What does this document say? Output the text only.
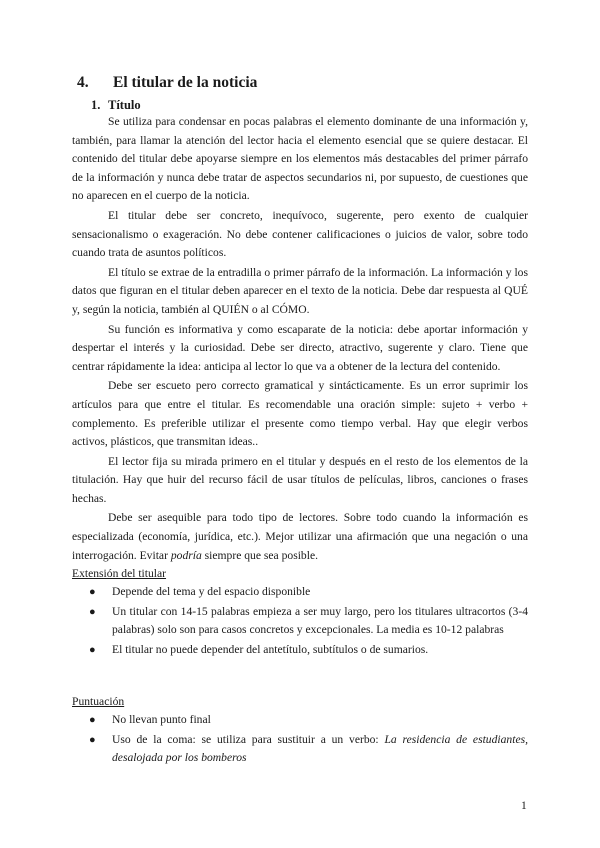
4. El titular de la noticia
1. Título

Se utiliza para condensar en pocas palabras el elemento dominante de una información y, también, para llamar la atención del lector hacia el elemento esencial que se quiere destacar. El contenido del titular debe apoyarse siempre en los elementos más destacables del primer párrafo de la información y nunca debe tratar de aspectos secundarios ni, por supuesto, de cuestiones que no aparecen en el cuerpo de la noticia.

El titular debe ser concreto, inequívoco, sugerente, pero exento de cualquier sensacionalismo o exageración. No debe contener calificaciones o juicios de valor, sobre todo cuando trata de asuntos políticos.

El título se extrae de la entradilla o primer párrafo de la información. La información y los datos que figuran en el titular deben aparecer en el texto de la noticia. Debe dar respuesta al QUÉ y, según la noticia, también al QUIÉN o al CÓMO.

Su función es informativa y como escaparate de la noticia: debe aportar información y despertar el interés y la curiosidad. Debe ser directo, atractivo, sugerente y claro. Tiene que centrar rápidamente la idea: anticipa al lector lo que va a obtener de la lectura del contenido.

Debe ser escueto pero correcto gramatical y sintácticamente. Es un error suprimir los artículos para que entre el titular. Es recomendable una oración simple: sujeto + verbo + complemento. Es preferible utilizar el presente como tiempo verbal. Hay que elegir verbos activos, plásticos, que transmitan ideas..

El lector fija su mirada primero en el titular y después en el resto de los elementos de la titulación. Hay que huir del recurso fácil de usar títulos de películas, libros, canciones o frases hechas.

Debe ser asequible para todo tipo de lectores. Sobre todo cuando la información es especializada (economía, jurídica, etc.). Mejor utilizar una afirmación que una negación o una interrogación. Evitar podría siempre que sea posible.

Extensión del titular
● Depende del tema y del espacio disponible
● Un titular con 14-15 palabras empieza a ser muy largo, pero los titulares ultracortos (3-4 palabras) solo son para casos concretos y excepcionales. La media es 10-12 palabras
● El titular no puede depender del antetítulo, subtítulos o de sumarios.
Puntuación
● No llevan punto final
● Uso de la coma: se utiliza para sustituir a un verbo: La residencia de estudiantes, desalojada por los bomberos
1
